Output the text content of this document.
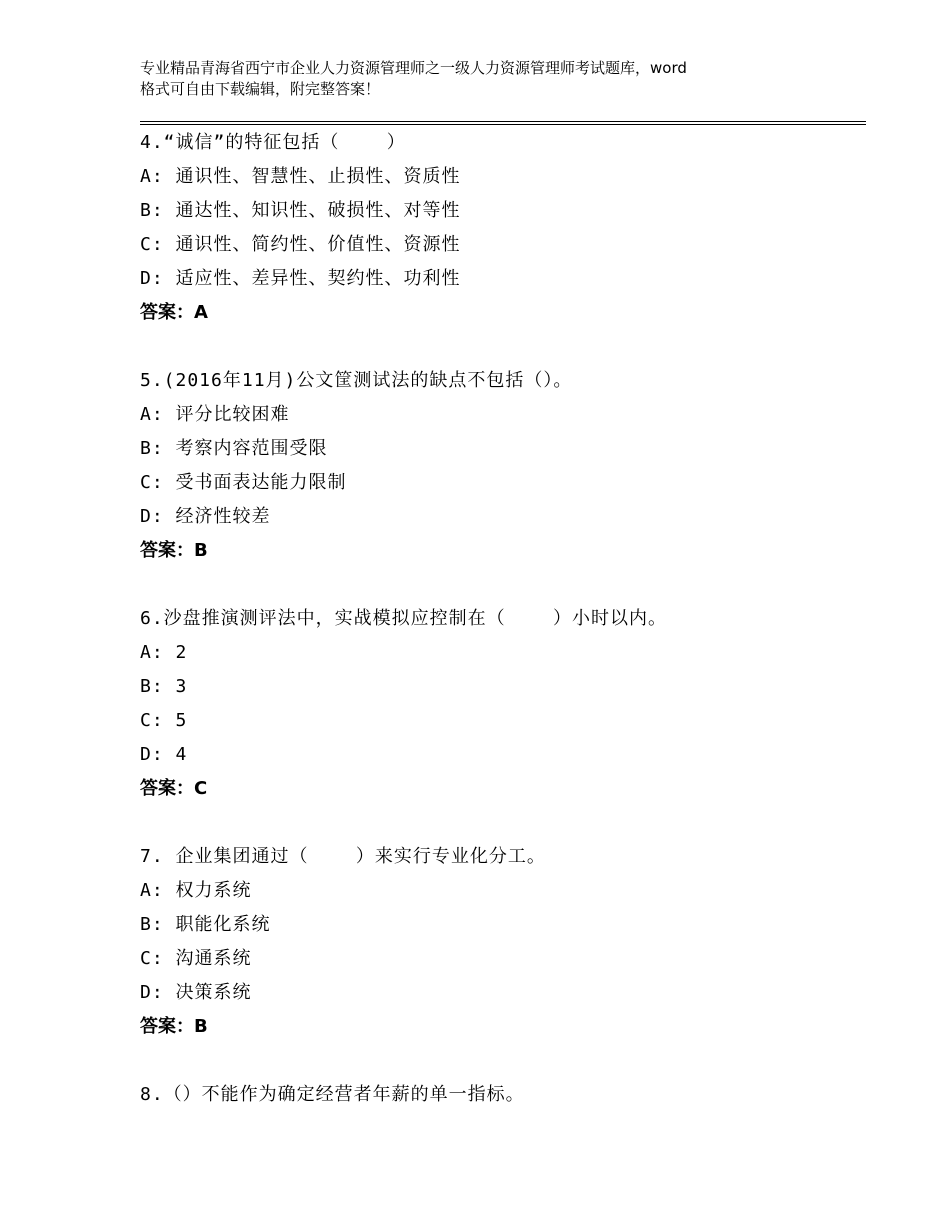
专业精品青海省西宁市企业人力资源管理师之一级人力资源管理师考试题库，word
格式可自由下载编辑，附完整答案！
4.“诚信”的特征包括（    ）
A: 通识性、智慧性、止损性、资质性
B: 通达性、知识性、破损性、对等性
C: 通识性、简约性、价值性、资源性
D: 适应性、差异性、契约性、功利性
答案：A
5.(2016年11月)公文筐测试法的缺点不包括（）。
A: 评分比较困难
B: 考察内容范围受限
C: 受书面表达能力限制
D: 经济性较差
答案：B
6.沙盘推演测评法中，实战模拟应控制在（    ）小时以内。
A: 2
B: 3
C: 5
D: 4
答案：C
7. 企业集团通过（    ）来实行专业化分工。
A: 权力系统
B: 职能化系统
C: 沟通系统
D: 决策系统
答案：B
8.（）不能作为确定经营者年薪的单一指标。
